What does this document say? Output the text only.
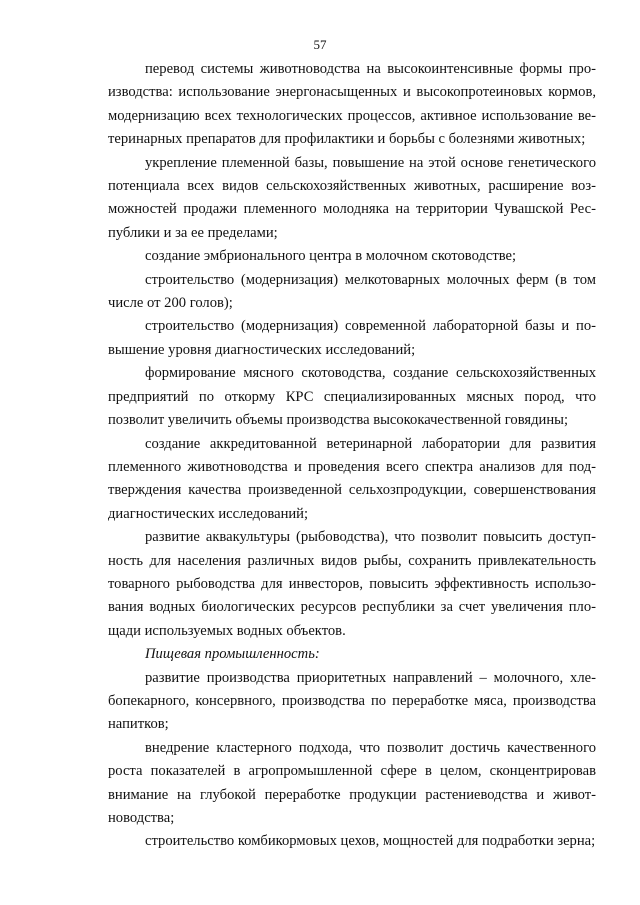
57

перевод системы животноводства на высокоинтенсивные формы производства: использование энергонасыщенных и высокопротеиновых кормов, модернизацию всех технологических процессов, активное использование ветеринарных препаратов для профилактики и борьбы с болезнями животных;

укрепление племенной базы, повышение на этой основе генетического потенциала всех видов сельскохозяйственных животных, расширение возможностей продажи племенного молодняка на территории Чувашской Республики и за ее пределами;

создание эмбрионального центра в молочном скотоводстве;

строительство (модернизация) мелкотоварных молочных ферм (в том числе от 200 голов);

строительство (модернизация) современной лабораторной базы и повышение уровня диагностических исследований;

формирование мясного скотоводства, создание сельскохозяйственных предприятий по откорму КРС специализированных мясных пород, что позволит увеличить объемы производства высококачественной говядины;

создание аккредитованной ветеринарной лаборатории для развития племенного животноводства и проведения всего спектра анализов для подтверждения качества произведенной сельхозпродукции, совершенствования диагностических исследований;

развитие аквакультуры (рыбоводства), что позволит повысить доступность для населения различных видов рыбы, сохранить привлекательность товарного рыбоводства для инвесторов, повысить эффективность использования водных биологических ресурсов республики за счет увеличения площади используемых водных объектов.

Пищевая промышленность:

развитие производства приоритетных направлений – молочного, хлебопекарного, консервного, производства по переработке мяса, производства напитков;

внедрение кластерного подхода, что позволит достичь качественного роста показателей в агропромышленной сфере в целом, сконцентрировав внимание на глубокой переработке продукции растениеводства и животноводства;

строительство комбикормовых цехов, мощностей для подработки зерна;
